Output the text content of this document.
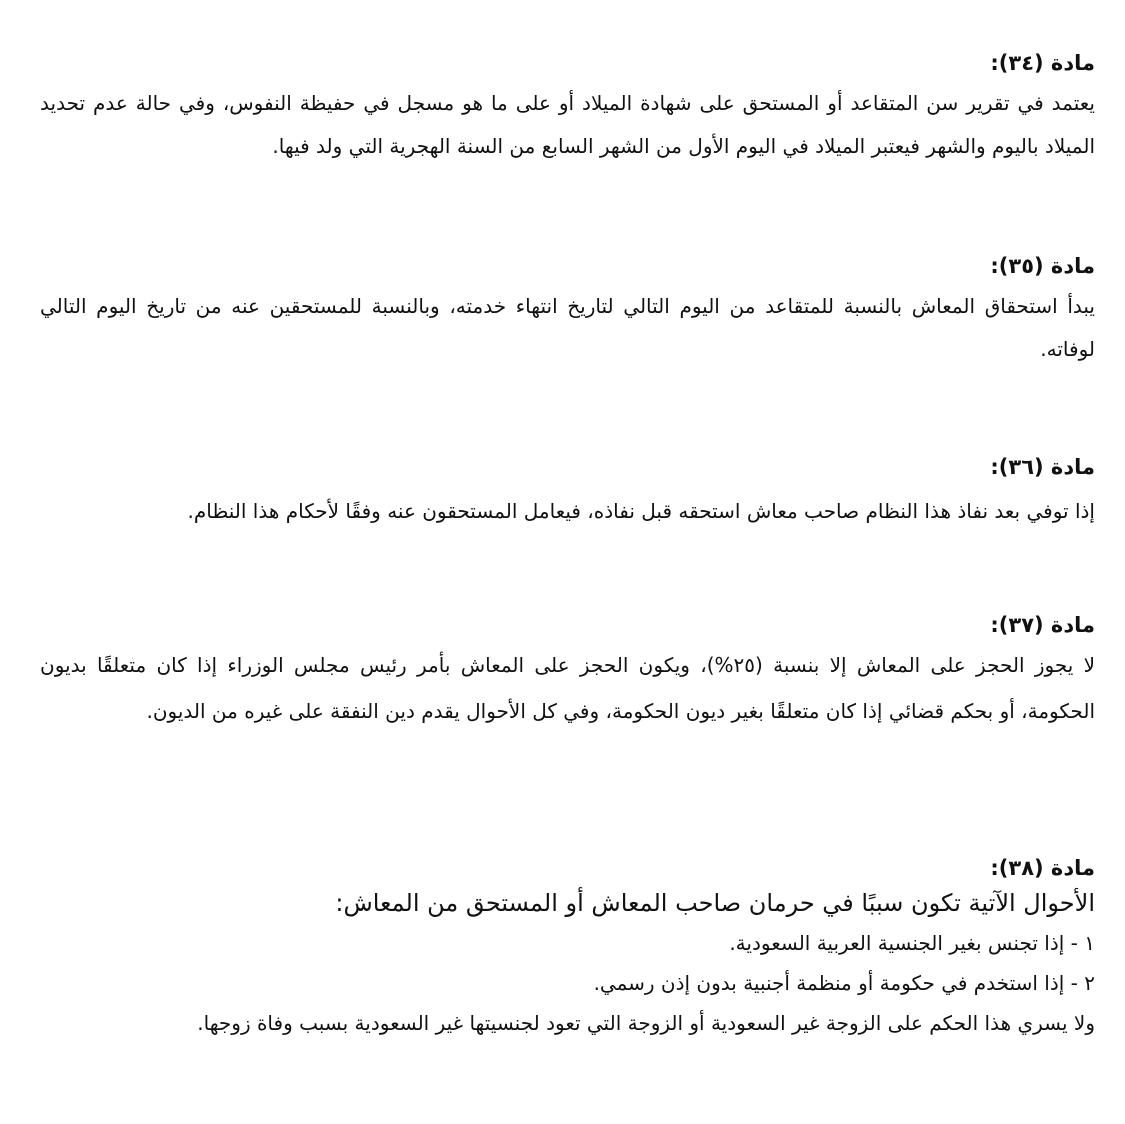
مادة (٣٤):

يعتمد في تقرير سن المتقاعد أو المستحق على شهادة الميلاد أو على ما هو مسجل في حفيظة النفوس، وفي حالة عدم تحديد الميلاد باليوم والشهر فيعتبر الميلاد في اليوم الأول من الشهر السابع من السنة الهجرية التي ولد فيها.

مادة (٣٥):

يبدأ استحقاق المعاش بالنسبة للمتقاعد من اليوم التالي لتاريخ انتهاء خدمته، وبالنسبة للمستحقين عنه من تاريخ اليوم التالي لوفاته.

مادة (٣٦):

إذا توفي بعد نفاذ هذا النظام صاحب معاش استحقه قبل نفاذه، فيعامل المستحقون عنه وفقًا لأحكام هذا النظام.

مادة (٣٧):

لا يجوز الحجز على المعاش إلا بنسبة (٢٥%)، ويكون الحجز على المعاش بأمر رئيس مجلس الوزراء إذا كان متعلقًا بديون الحكومة، أو بحكم قضائي إذا كان متعلقًا بغير ديون الحكومة، وفي كل الأحوال يقدم دين النفقة على غيره من الديون.

مادة (٣٨):

الأحوال الآتية تكون سببًا في حرمان صاحب المعاش أو المستحق من المعاش:

١ - إذا تجنس بغير الجنسية العربية السعودية.

٢ - إذا استخدم في حكومة أو منظمة أجنبية بدون إذن رسمي.

ولا يسري هذا الحكم على الزوجة غير السعودية أو الزوجة التي تعود لجنسيتها غير السعودية بسبب وفاة زوجها.
